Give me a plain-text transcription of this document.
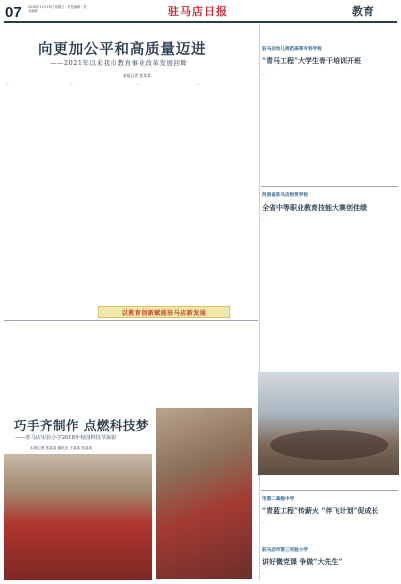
07 2018年11月16日 星期五 · 责任编辑 · 美术编辑	驻马店日报	教育
向更加公平和高质量迈进
——2021年以来我市教育事业改革发展回眸
本报记者 郭某某
…	…	…	…
以教育创新赋能驻马店新发展
驻马店幼儿师范高等专科学校
“青马工程”大学生骨干培训开班
…
河南省驻马店财贸学校
全省中等职业教育技能大赛创佳绩
…
…
市第二高级中学
“青蓝工程”传薪火 “伴飞计划”促成长
…
驻马店市第三实验小学
讲好微党课 争做“大先生”
…
巧手齐制作 点燃科技梦
——驻马店实验小学2018年校园科技节掠影
本报记者 郭某某 通讯员 王某某 张某某
…
